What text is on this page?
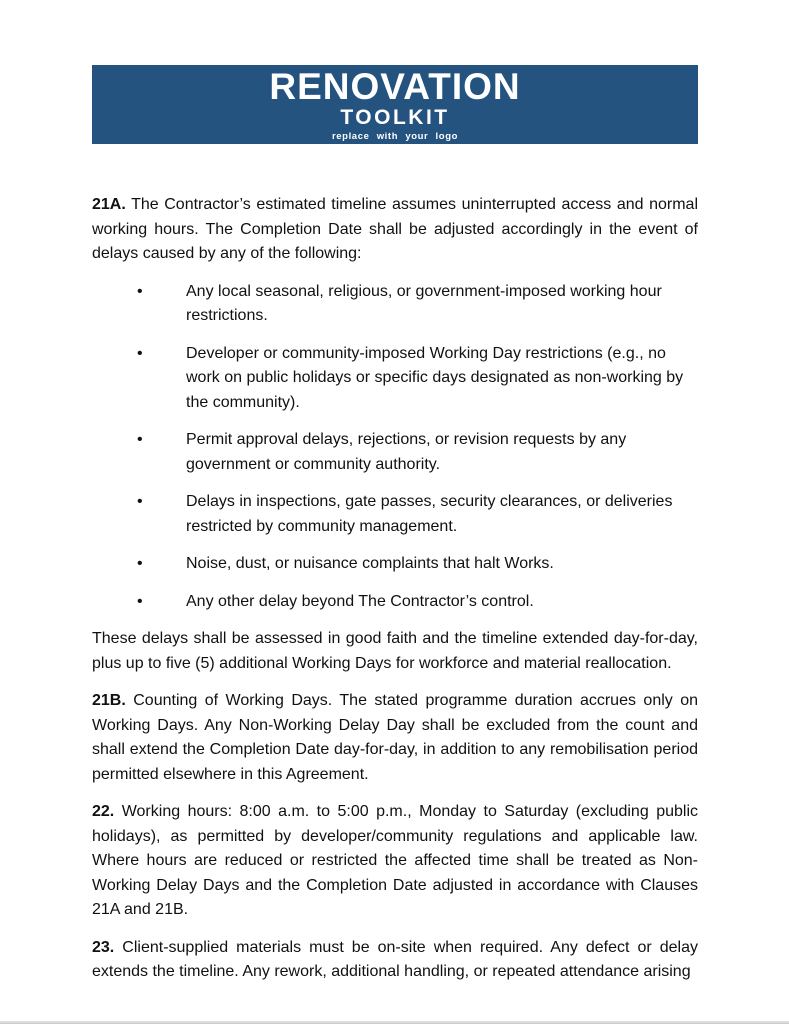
RENOVATION
TOOLKIT
replace with your logo

21A. The Contractor’s estimated timeline assumes uninterrupted access and normal working hours. The Completion Date shall be adjusted accordingly in the event of delays caused by any of the following:

•	Any local seasonal, religious, or government-imposed working hour restrictions.
•	Developer or community-imposed Working Day restrictions (e.g., no work on public holidays or specific days designated as non-working by the community).
•	Permit approval delays, rejections, or revision requests by any government or community authority.
•	Delays in inspections, gate passes, security clearances, or deliveries restricted by community management.
•	Noise, dust, or nuisance complaints that halt Works.
•	Any other delay beyond The Contractor’s control.

These delays shall be assessed in good faith and the timeline extended day-for-day, plus up to five (5) additional Working Days for workforce and material reallocation.

21B. Counting of Working Days. The stated programme duration accrues only on Working Days. Any Non-Working Delay Day shall be excluded from the count and shall extend the Completion Date day-for-day, in addition to any remobilisation period permitted elsewhere in this Agreement.

22. Working hours: 8:00 a.m. to 5:00 p.m., Monday to Saturday (excluding public holidays), as permitted by developer/community regulations and applicable law. Where hours are reduced or restricted the affected time shall be treated as Non-Working Delay Days and the Completion Date adjusted in accordance with Clauses 21A and 21B.

23. Client-supplied materials must be on-site when required. Any defect or delay extends the timeline. Any rework, additional handling, or repeated attendance arising
